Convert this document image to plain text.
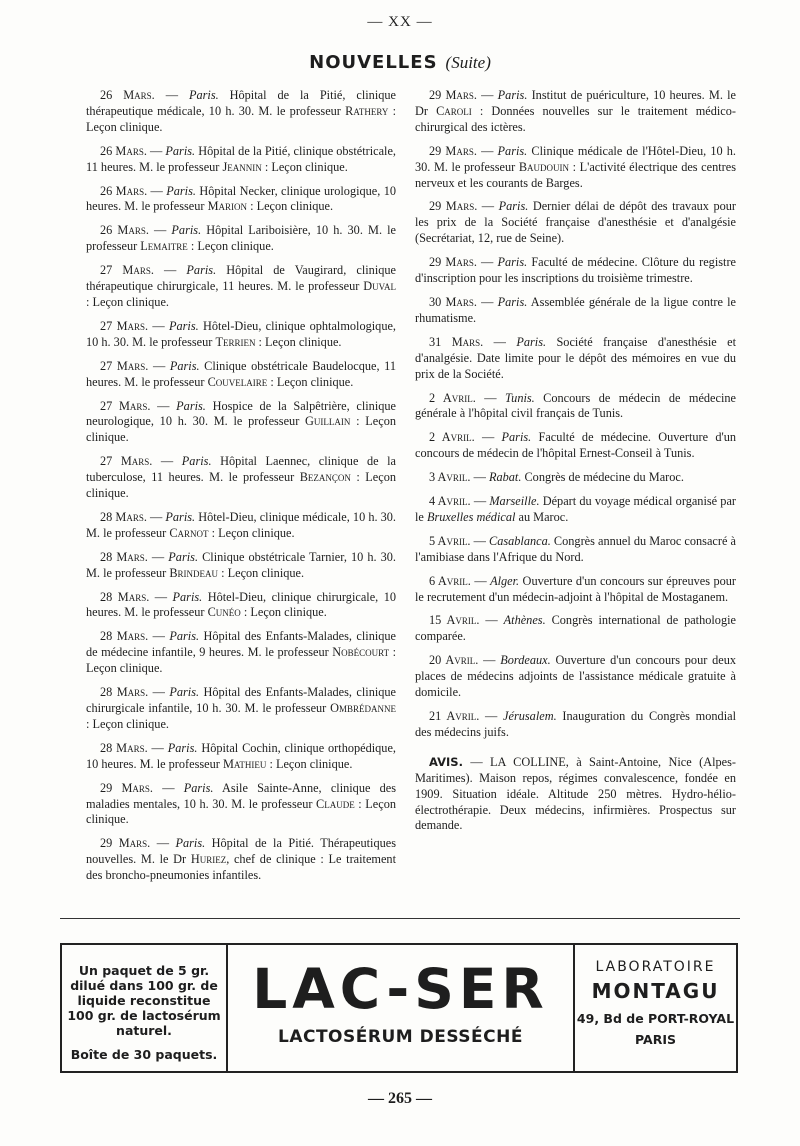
— XX —
NOUVELLES (Suite)

26 Mars. — Paris. Hôpital de la Pitié, clinique thérapeutique médicale, 10 h. 30. M. le professeur Rathery : Leçon clinique.

26 Mars. — Paris. Hôpital de la Pitié, clinique obstétricale, 11 heures. M. le professeur Jeannin : Leçon clinique.

26 Mars. — Paris. Hôpital Necker, clinique urologique, 10 heures. M. le professeur Marion : Leçon clinique.

26 Mars. — Paris. Hôpital Lariboisière, 10 h. 30. M. le professeur Lemaitre : Leçon clinique.

27 Mars. — Paris. Hôpital de Vaugirard, clinique thérapeutique chirurgicale, 11 heures. M. le professeur Duval : Leçon clinique.

27 Mars. — Paris. Hôtel-Dieu, clinique ophtalmologique, 10 h. 30. M. le professeur Terrien : Leçon clinique.

27 Mars. — Paris. Clinique obstétricale Baudelocque, 11 heures. M. le professeur Couvelaire : Leçon clinique.

27 Mars. — Paris. Hospice de la Salpêtrière, clinique neurologique, 10 h. 30. M. le professeur Guillain : Leçon clinique.

27 Mars. — Paris. Hôpital Laennec, clinique de la tuberculose, 11 heures. M. le professeur Bezançon : Leçon clinique.

28 Mars. — Paris. Hôtel-Dieu, clinique médicale, 10 h. 30. M. le professeur Carnot : Leçon clinique.

28 Mars. — Paris. Clinique obstétricale Tarnier, 10 h. 30. M. le professeur Brindeau : Leçon clinique.

28 Mars. — Paris. Hôtel-Dieu, clinique chirurgicale, 10 heures. M. le professeur Cunéo : Leçon clinique.

28 Mars. — Paris. Hôpital des Enfants-Malades, clinique de médecine infantile, 9 heures. M. le professeur Nobécourt : Leçon clinique.

28 Mars. — Paris. Hôpital des Enfants-Malades, clinique chirurgicale infantile, 10 h. 30. M. le professeur Ombrédanne : Leçon clinique.

28 Mars. — Paris. Hôpital Cochin, clinique orthopédique, 10 heures. M. le professeur Mathieu : Leçon clinique.

29 Mars. — Paris. Asile Sainte-Anne, clinique des maladies mentales, 10 h. 30. M. le professeur Claude : Leçon clinique.

29 Mars. — Paris. Hôpital de la Pitié. Thérapeutiques nouvelles. M. le Dr Huriez, chef de clinique : Le traitement des broncho-pneumonies infantiles.

29 Mars. — Paris. Institut de puériculture, 10 heures. M. le Dr Caroli : Données nouvelles sur le traitement médico-chirurgical des ictères.

29 Mars. — Paris. Clinique médicale de l'Hôtel-Dieu, 10 h. 30. M. le professeur Baudouin : L'activité électrique des centres nerveux et les courants de Barges.

29 Mars. — Paris. Dernier délai de dépôt des travaux pour les prix de la Société française d'anesthésie et d'analgésie (Secrétariat, 12, rue de Seine).

29 Mars. — Paris. Faculté de médecine. Clôture du registre d'inscription pour les inscriptions du troisième trimestre.

30 Mars. — Paris. Assemblée générale de la ligue contre le rhumatisme.

31 Mars. — Paris. Société française d'anesthésie et d'analgésie. Date limite pour le dépôt des mémoires en vue du prix de la Société.

2 Avril. — Tunis. Concours de médecin de médecine générale à l'hôpital civil français de Tunis.

2 Avril. — Paris. Faculté de médecine. Ouverture d'un concours de médecin de l'hôpital Ernest-Conseil à Tunis.

3 Avril. — Rabat. Congrès de médecine du Maroc.

4 Avril. — Marseille. Départ du voyage médical organisé par le Bruxelles médical au Maroc.

5 Avril. — Casablanca. Congrès annuel du Maroc consacré à l'amibiase dans l'Afrique du Nord.

6 Avril. — Alger. Ouverture d'un concours sur épreuves pour le recrutement d'un médecin-adjoint à l'hôpital de Mostaganem.

15 Avril. — Athènes. Congrès international de pathologie comparée.

20 Avril. — Bordeaux. Ouverture d'un concours pour deux places de médecins adjoints de l'assistance médicale gratuite à domicile.

21 Avril. — Jérusalem. Inauguration du Congrès mondial des médecins juifs.

AVIS. — LA COLLINE, à Saint-Antoine, Nice (Alpes-Maritimes). Maison repos, régimes convalescence, fondée en 1909. Situation idéale. Altitude 250 mètres. Hydro-hélio-électrothérapie. Deux médecins, infirmières. Prospectus sur demande.

Un paquet de 5 gr.
dilué dans 100 gr. de
liquide reconstitue
100 gr. de lactosérum
naturel.
Boîte de 30 paquets.
LAC-SER
LACTOSÉRUM DESSÉCHÉ
LABORATOIRE
MONTAGU
49, Bd de PORT-ROYAL
PARIS
— 265 —
